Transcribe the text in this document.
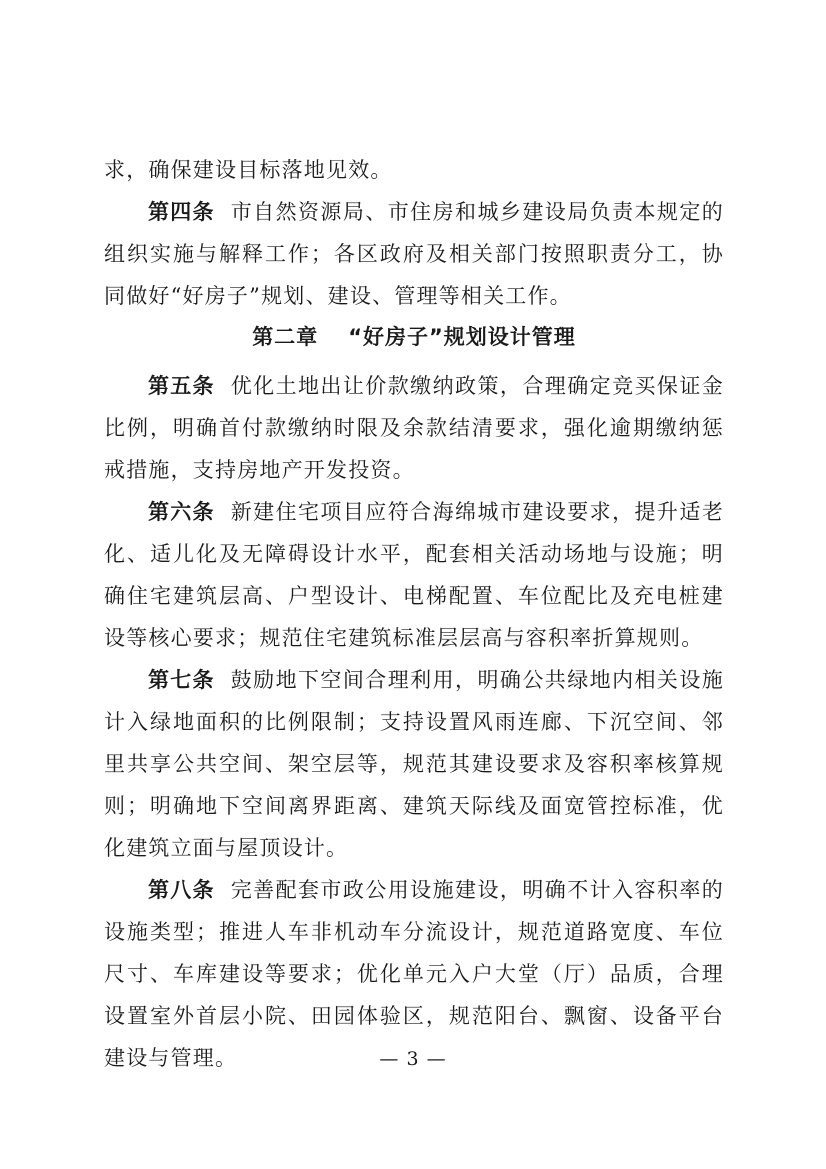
求，确保建设目标落地见效。

第四条 市自然资源局、市住房和城乡建设局负责本规定的组织实施与解释工作；各区政府及相关部门按照职责分工，协同做好“好房子”规划、建设、管理等相关工作。

第二章 “好房子”规划设计管理

第五条 优化土地出让价款缴纳政策，合理确定竞买保证金比例，明确首付款缴纳时限及余款结清要求，强化逾期缴纳惩戒措施，支持房地产开发投资。

第六条 新建住宅项目应符合海绵城市建设要求，提升适老化、适儿化及无障碍设计水平，配套相关活动场地与设施；明确住宅建筑层高、户型设计、电梯配置、车位配比及充电桩建设等核心要求；规范住宅建筑标准层层高与容积率折算规则。

第七条 鼓励地下空间合理利用，明确公共绿地内相关设施计入绿地面积的比例限制；支持设置风雨连廊、下沉空间、邻里共享公共空间、架空层等，规范其建设要求及容积率核算规则；明确地下空间离界距离、建筑天际线及面宽管控标准，优化建筑立面与屋顶设计。

第八条 完善配套市政公用设施建设，明确不计入容积率的设施类型；推进人车非机动车分流设计，规范道路宽度、车位尺寸、车库建设等要求；优化单元入户大堂（厅）品质，合理设置室外首层小院、田园体验区，规范阳台、飘窗、设备平台建设与管理。	— 3 —
